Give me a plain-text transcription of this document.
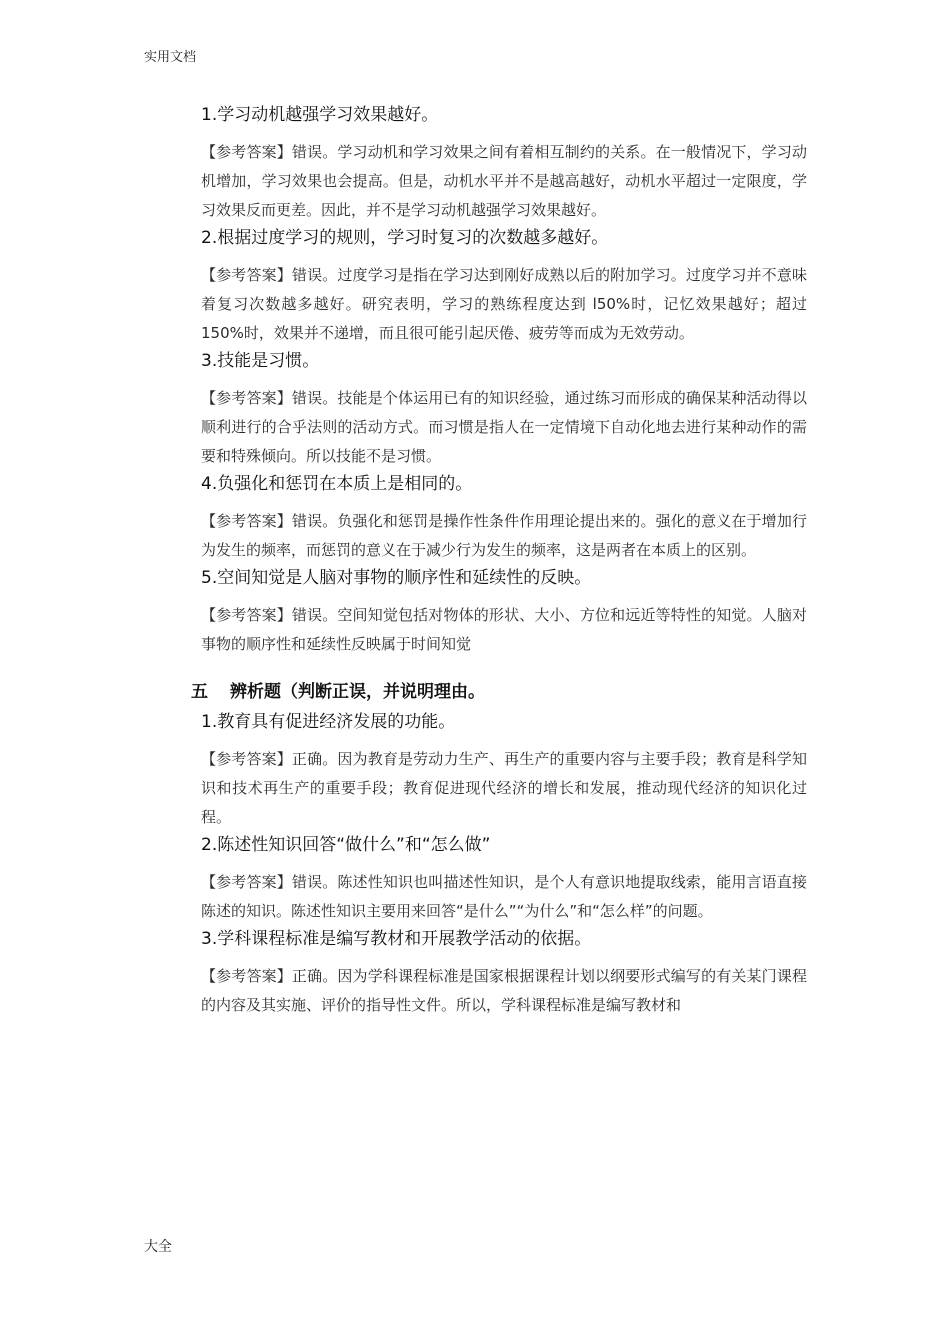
实用文档

1.学习动机越强学习效果越好。

【参考答案】错误。学习动机和学习效果之间有着相互制约的关系。在一般情况下，学习动机增加，学习效果也会提高。但是，动机水平并不是越高越好，动机水平超过一定限度，学习效果反而更差。因此，并不是学习动机越强学习效果越好。

2.根据过度学习的规则，学习时复习的次数越多越好。

【参考答案】错误。过度学习是指在学习达到刚好成熟以后的附加学习。过度学习并不意味着复习次数越多越好。研究表明，学习的熟练程度达到 l50%时，记忆效果越好；超过 150%时，效果并不递增，而且很可能引起厌倦、疲劳等而成为无效劳动。

3.技能是习惯。

【参考答案】错误。技能是个体运用已有的知识经验，通过练习而形成的确保某种活动得以顺利进行的合乎法则的活动方式。而习惯是指人在一定情境下自动化地去进行某种动作的需要和特殊倾向。所以技能不是习惯。

4.负强化和惩罚在本质上是相同的。

【参考答案】错误。负强化和惩罚是操作性条件作用理论提出来的。强化的意义在于增加行为发生的频率，而惩罚的意义在于减少行为发生的频率，这是两者在本质上的区别。

5.空间知觉是人脑对事物的顺序性和延续性的反映。

【参考答案】错误。空间知觉包括对物体的形状、大小、方位和远近等特性的知觉。人脑对事物的顺序性和延续性反映属于时间知觉

五 辨析题（判断正误，并说明理由。

1.教育具有促进经济发展的功能。

【参考答案】正确。因为教育是劳动力生产、再生产的重要内容与主要手段；教育是科学知识和技术再生产的重要手段；教育促进现代经济的增长和发展，推动现代经济的知识化过程。

2.陈述性知识回答“做什么”和“怎么做”

【参考答案】错误。陈述性知识也叫描述性知识，是个人有意识地提取线索，能用言语直接陈述的知识。陈述性知识主要用来回答“是什么”“为什么”和“怎么样”的问题。

3.学科课程标准是编写教材和开展教学活动的依据。

【参考答案】正确。因为学科课程标准是国家根据课程计划以纲要形式编写的有关某门课程的内容及其实施、评价的指导性文件。所以，学科课程标准是编写教材和

大全
